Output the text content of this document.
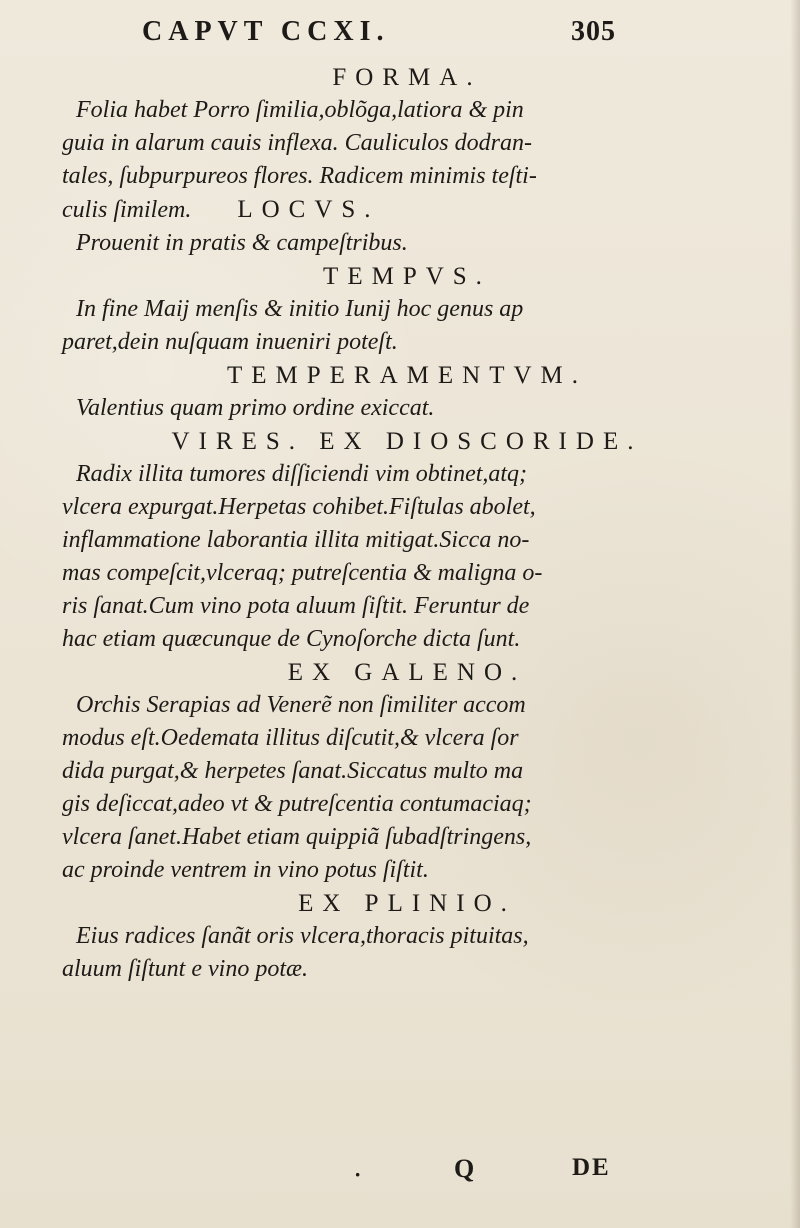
CAPVT CCXI.	305
FORMA.
Folia habet Porro ſimilia,oblõga,latiora & pin
guia in alarum cauis inflexa. Cauliculos dodran-
tales, ſubpurpureos flores. Radicem minimis teſti-
culis ſimilem. LOCVS.
Prouenit in pratis & campeſtribus.
TEMPVS.
In fine Maij menſis & initio Iunij hoc genus ap
paret,dein nuſquam inueniri poteſt.
TEMPERAMENTVM.
Valentius quam primo ordine exiccat.
VIRES. EX DIOSCORIDE.
Radix illita tumores diſſiciendi vim obtinet,atq;
vlcera expurgat.Herpetas cohibet.Fiſtulas abolet,
inflammatione laborantia illita mitigat.Sicca no-
mas compeſcit,vlceraq; putreſcentia & maligna o-
ris ſanat.Cum vino pota aluum ſiſtit. Feruntur de
hac etiam quæcunque de Cynoſorche dicta ſunt.
EX GALENO.
Orchis Serapias ad Venerẽ non ſimiliter accom
modus eſt.Oedemata illitus diſcutit,& vlcera ſor
dida purgat,& herpetes ſanat.Siccatus multo ma
gis deſiccat,adeo vt & putreſcentia contumaciaq;
vlcera ſanet.Habet etiam quippiã ſubadſtringens,
ac proinde ventrem in vino potus ſiſtit.
EX PLINIO.
Eius radices ſanãt oris vlcera,thoracis pituitas,
aluum ſiſtunt e vino potæ.
·	Q	DE
